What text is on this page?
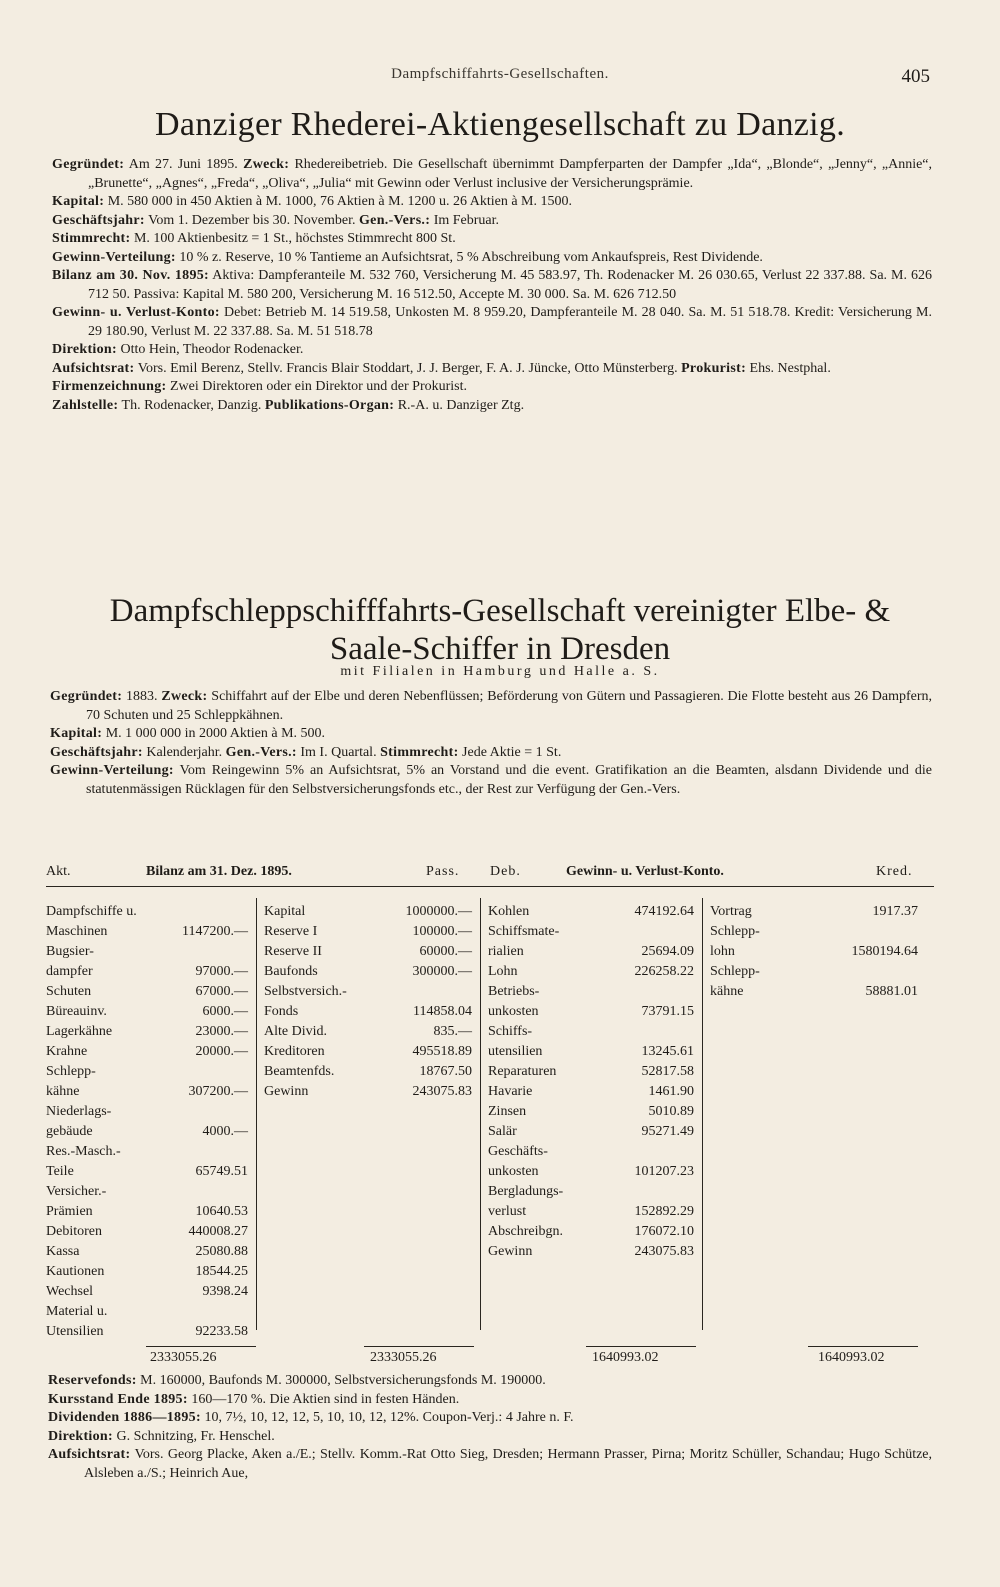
Dampfschiffahrts-Gesellschaften.	405
Danziger Rhederei-Aktiengesellschaft zu Danzig.
Gegründet: Am 27. Juni 1895. Zweck: Rhedereibetrieb. Die Gesellschaft übernimmt Dampferparten der Dampfer „Ida“, „Blonde“, „Jenny“, „Annie“, „Brunette“, „Agnes“, „Freda“, „Oliva“, „Julia“ mit Gewinn oder Verlust inclusive der Versicherungsprämie.
Kapital: M. 580 000 in 450 Aktien à M. 1000, 76 Aktien à M. 1200 u. 26 Aktien à M. 1500.
Geschäftsjahr: Vom 1. Dezember bis 30. November. Gen.-Vers.: Im Februar.
Stimmrecht: M. 100 Aktienbesitz = 1 St., höchstes Stimmrecht 800 St.
Gewinn-Verteilung: 10 % z. Reserve, 10 % Tantieme an Aufsichtsrat, 5 % Abschreibung vom Ankaufspreis, Rest Dividende.
Bilanz am 30. Nov. 1895: Aktiva: Dampferanteile M. 532 760, Versicherung M. 45 583.97, Th. Rodenacker M. 26 030.65, Verlust 22 337.88. Sa. M. 626 712 50. Passiva: Kapital M. 580 200, Versicherung M. 16 512.50, Accepte M. 30 000. Sa. M. 626 712.50
Gewinn- u. Verlust-Konto: Debet: Betrieb M. 14 519.58, Unkosten M. 8 959.20, Dampferanteile M. 28 040. Sa. M. 51 518.78. Kredit: Versicherung M. 29 180.90, Verlust M. 22 337.88. Sa. M. 51 518.78
Direktion: Otto Hein, Theodor Rodenacker.
Aufsichtsrat: Vors. Emil Berenz, Stellv. Francis Blair Stoddart, J. J. Berger, F. A. J. Jüncke, Otto Münsterberg. Prokurist: Ehs. Nestphal.
Firmenzeichnung: Zwei Direktoren oder ein Direktor und der Prokurist.
Zahlstelle: Th. Rodenacker, Danzig. Publikations-Organ: R.-A. u. Danziger Ztg.
Dampfschleppschifffahrts-Gesellschaft vereinigter Elbe- &
Saale-Schiffer in Dresden
mit Filialen in Hamburg und Halle a. S.
Gegründet: 1883. Zweck: Schiffahrt auf der Elbe und deren Nebenflüssen; Beförderung von Gütern und Passagieren. Die Flotte besteht aus 26 Dampfern, 70 Schuten und 25 Schleppkähnen.
Kapital: M. 1 000 000 in 2000 Aktien à M. 500.
Geschäftsjahr: Kalenderjahr. Gen.-Vers.: Im I. Quartal. Stimmrecht: Jede Aktie = 1 St.
Gewinn-Verteilung: Vom Reingewinn 5% an Aufsichtsrat, 5% an Vorstand und die event. Gratifikation an die Beamten, alsdann Dividende und die statutenmässigen Rücklagen für den Selbstversicherungsfonds etc., der Rest zur Verfügung der Gen.-Vers.
Akt.	Bilanz am 31. Dez. 1895.	Pass. Deb.	Gewinn- u. Verlust-Konto.	Kred.
Dampfschiffe u.
Maschinen	1147200.—
Bugsier-
dampfer	97000.—
Schuten	67000.—
Büreauinv.	6000.—
Lagerkähne	23000.—
Krahne	20000.—
Schlepp-
kähne	307200.—
Niederlags-
gebäude	4000.—
Res.-Masch.-
Teile	65749.51
Versicher.-
Prämien	10640.53
Debitoren	440008.27
Kassa	25080.88
Kautionen	18544.25
Wechsel	9398.24
Material u.
Utensilien	92233.58
Kapital	1000000.—
Reserve I	100000.—
Reserve II	60000.—
Baufonds	300000.—
Selbstversich.-
Fonds	114858.04
Alte Divid.	835.—
Kreditoren	495518.89
Beamtenfds.	18767.50
Gewinn	243075.83
Kohlen	474192.64
Schiffsmate-
rialien	25694.09
Lohn	226258.22
Betriebs-
unkosten	73791.15
Schiffs-
utensilien	13245.61
Reparaturen	52817.58
Havarie	1461.90
Zinsen	5010.89
Salär	95271.49
Geschäfts-
unkosten	101207.23
Bergladungs-
verlust	152892.29
Abschreibgn.	176072.10
Gewinn	243075.83
Vortrag	1917.37
Schlepp-
lohn	1580194.64
Schlepp-
kähne	58881.01
2333055.26	2333055.26	1640993.02	1640993.02
Reservefonds: M. 160000, Baufonds M. 300000, Selbstversicherungsfonds M. 190000.
Kursstand Ende 1895: 160—170 %. Die Aktien sind in festen Händen.
Dividenden 1886—1895: 10, 7½, 10, 12, 12, 5, 10, 10, 12, 12%. Coupon-Verj.: 4 Jahre n. F.
Direktion: G. Schnitzing, Fr. Henschel.
Aufsichtsrat: Vors. Georg Placke, Aken a./E.; Stellv. Komm.-Rat Otto Sieg, Dresden; Hermann Prasser, Pirna; Moritz Schüller, Schandau; Hugo Schütze, Alsleben a./S.; Heinrich Aue,
